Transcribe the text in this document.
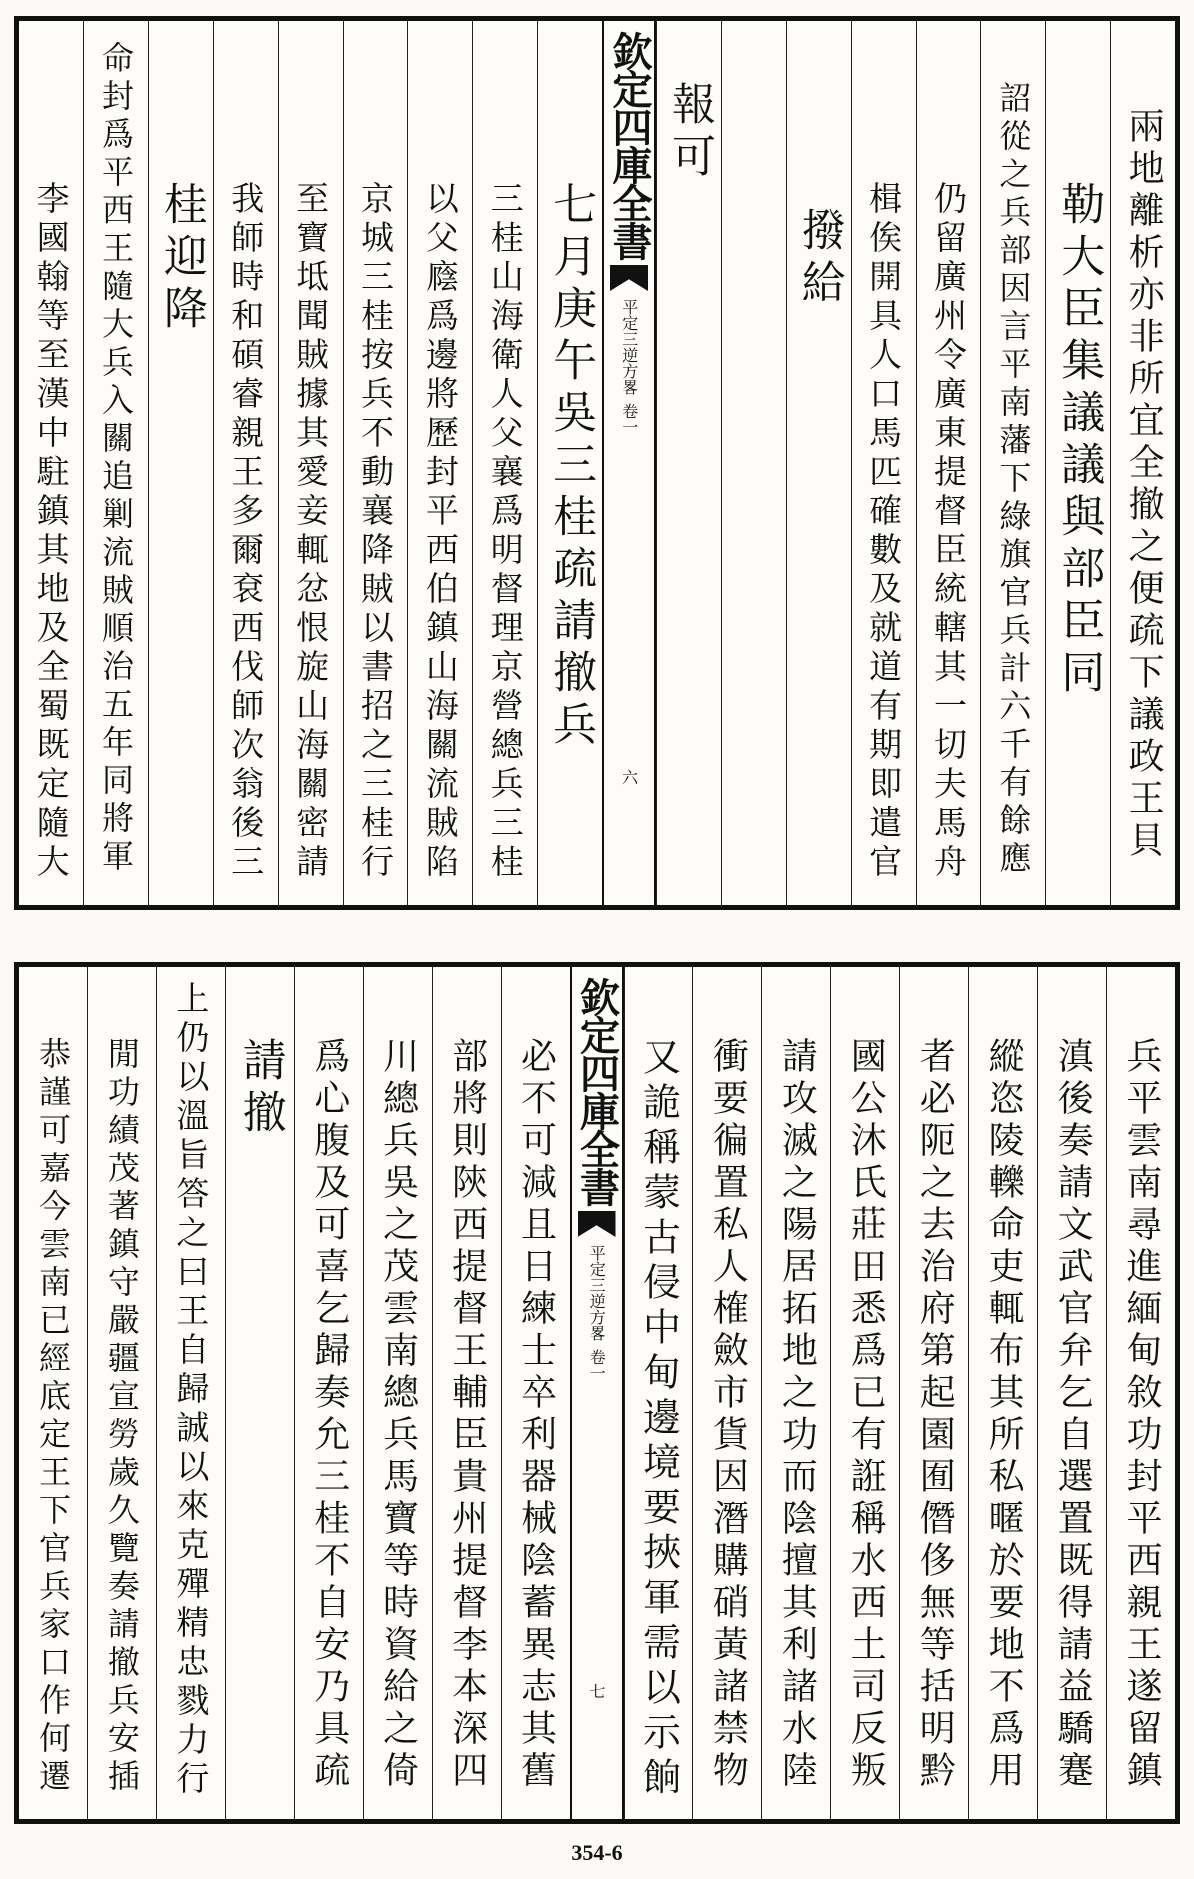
兩地離析亦非所宜全撤之便疏下議政王貝
勒大臣集議議與部臣同
詔從之兵部因言平南藩下綠旗官兵計六千有餘應
仍留廣州令廣東提督臣統轄其一切夫馬舟
楫俟開具人口馬匹確數及就道有期即遣官
撥給
報可
欽定四庫全書
平定三逆方畧
卷一
六
七月庚午吳三桂疏請撤兵
三桂山海衛人父襄爲明督理京營總兵三桂
以父廕爲邊將歷封平西伯鎮山海關流賊陷
京城三桂按兵不動襄降賊以書招之三桂行
至寶坻聞賊據其愛妾輒忿恨旋山海關密請
我師時和碩睿親王多爾袞西伐師次翁後三
桂迎降
命封爲平西王隨大兵入關追剿流賊順治五年同將軍
李國翰等至漢中駐鎮其地及全蜀既定隨大
兵平雲南尋進緬甸敘功封平西親王遂留鎮
滇後奏請文武官弁乞自選置既得請益驕蹇
縱恣陵轢命吏輒布其所私暱於要地不爲用
者必阨之去治府第起園囿僭侈無等括明黔
國公沐氏莊田悉爲已有誑稱水西土司反叛
請攻滅之陽居拓地之功而陰擅其利諸水陸
衝要徧置私人榷斂市貨因潛購硝黃諸禁物
又詭稱蒙古侵中甸邊境要挾軍需以示餉
欽定四庫全書
平定三逆方畧
卷一
七
必不可減且日練士卒利器械陰蓄異志其舊
部將則陝西提督王輔臣貴州提督李本深四
川總兵吳之茂雲南總兵馬寶等時資給之倚
爲心腹及可喜乞歸奏允三桂不自安乃具疏
請撤
上仍以溫旨答之曰王自歸誠以來克殫精忠戮力行
閒功績茂著鎮守嚴疆宣勞歲久覽奏請撤兵安插
恭謹可嘉今雲南已經底定王下官兵家口作何遷
354-6
